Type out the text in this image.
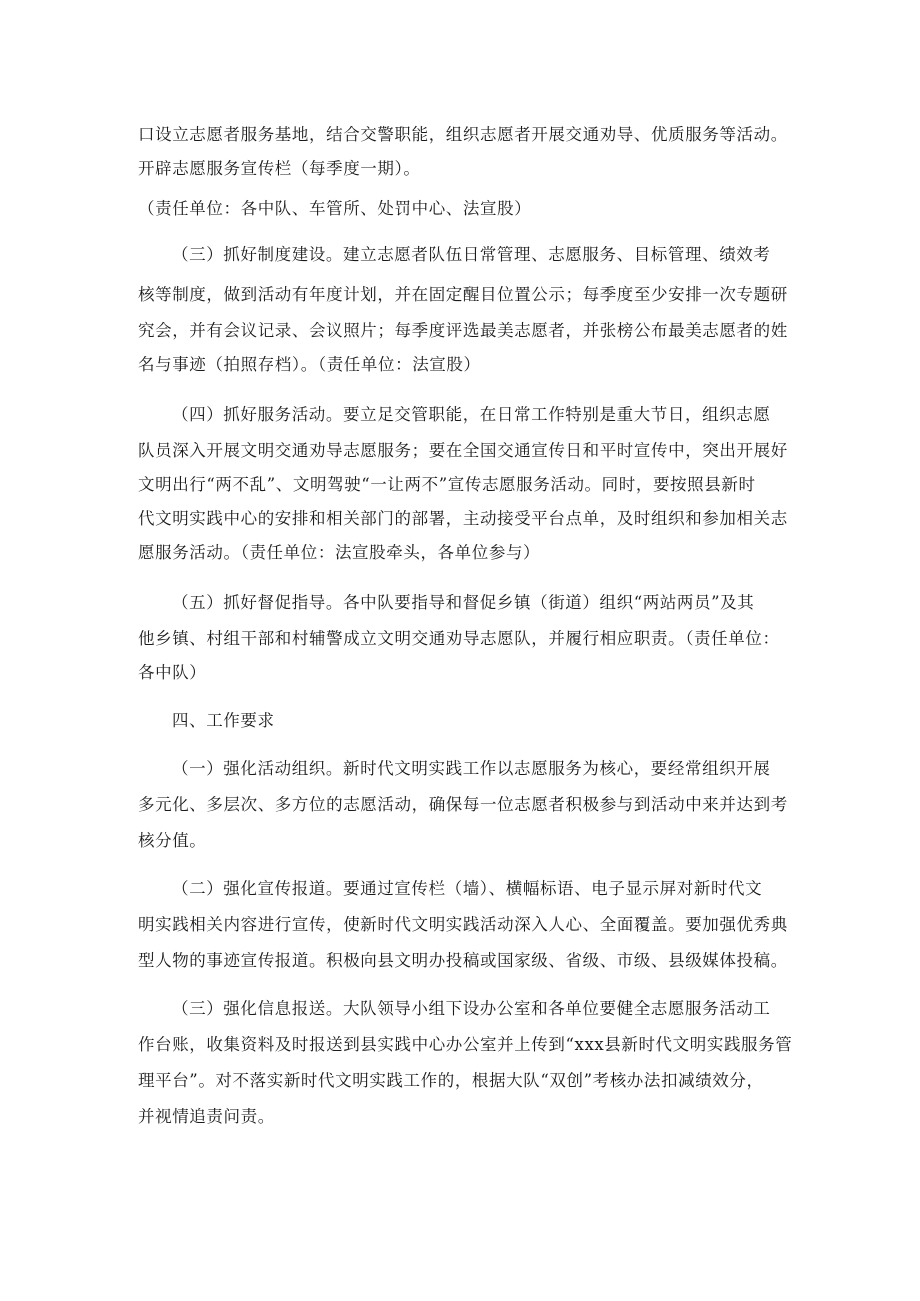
口设立志愿者服务基地，结合交警职能，组织志愿者开展交通劝导、优质服务等活动。
开辟志愿服务宣传栏（每季度一期）。
（责任单位：各中队、车管所、处罚中心、法宣股）
（三）抓好制度建设。建立志愿者队伍日常管理、志愿服务、目标管理、绩效考
核等制度，做到活动有年度计划，并在固定醒目位置公示；每季度至少安排一次专题研
究会，并有会议记录、会议照片；每季度评选最美志愿者，并张榜公布最美志愿者的姓
名与事迹（拍照存档）。（责任单位：法宣股）
（四）抓好服务活动。要立足交管职能，在日常工作特别是重大节日，组织志愿
队员深入开展文明交通劝导志愿服务；要在全国交通宣传日和平时宣传中，突出开展好
文明出行“两不乱”、文明驾驶“一让两不”宣传志愿服务活动。同时，要按照县新时
代文明实践中心的安排和相关部门的部署，主动接受平台点单，及时组织和参加相关志
愿服务活动。（责任单位：法宣股牵头，各单位参与）
（五）抓好督促指导。各中队要指导和督促乡镇（街道）组织“两站两员”及其
他乡镇、村组干部和村辅警成立文明交通劝导志愿队，并履行相应职责。（责任单位：
各中队）
四、工作要求
（一）强化活动组织。新时代文明实践工作以志愿服务为核心，要经常组织开展
多元化、多层次、多方位的志愿活动，确保每一位志愿者积极参与到活动中来并达到考
核分值。
（二）强化宣传报道。要通过宣传栏（墙）、横幅标语、电子显示屏对新时代文
明实践相关内容进行宣传，使新时代文明实践活动深入人心、全面覆盖。要加强优秀典
型人物的事迹宣传报道。积极向县文明办投稿或国家级、省级、市级、县级媒体投稿。
（三）强化信息报送。大队领导小组下设办公室和各单位要健全志愿服务活动工
作台账，收集资料及时报送到县实践中心办公室并上传到“xxx县新时代文明实践服务管
理平台”。对不落实新时代文明实践工作的，根据大队“双创”考核办法扣减绩效分，
并视情追责问责。
